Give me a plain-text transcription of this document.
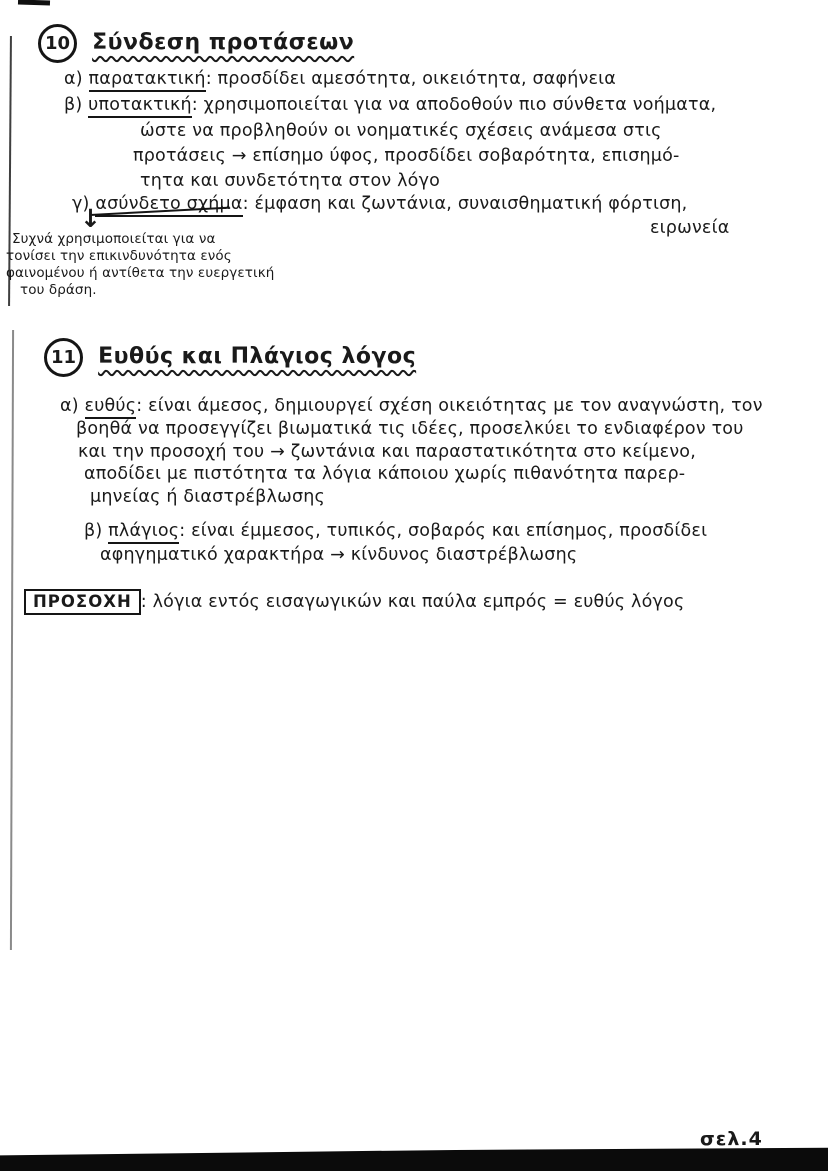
10 Σύνδεση προτάσεων
α) παρατακτική: προσδίδει αμεσότητα, οικειότητα, σαφήνεια
β) υποτακτική: χρησιμοποιείται για να αποδοθούν πιο σύνθετα νοήματα,
ώστε να προβληθούν οι νοηματικές σχέσεις ανάμεσα στις
προτάσεις → επίσημο ύφος, προσδίδει σοβαρότητα, επισημό-
τητα και συνδετότητα στον λόγο
γ) ασύνδετο σχήμα: έμφαση και ζωντάνια, συναισθηματική φόρτιση,
ειρωνεία
↓
Συχνά χρησιμοποιείται για να
τονίσει την επικινδυνότητα ενός
φαινομένου ή αντίθετα την ευεργετική
του δράση.
11 Ευθύς και Πλάγιος λόγος
α) ευθύς: είναι άμεσος, δημιουργεί σχέση οικειότητας με τον αναγνώστη, τον
βοηθά να προσεγγίζει βιωματικά τις ιδέες, προσελκύει το ενδιαφέρον του
και την προσοχή του → ζωντάνια και παραστατικότητα στο κείμενο,
αποδίδει με πιστότητα τα λόγια κάποιου χωρίς πιθανότητα παρερ-
μηνείας ή διαστρέβλωσης
β) πλάγιος: είναι έμμεσος, τυπικός, σοβαρός και επίσημος, προσδίδει
αφηγηματικό χαρακτήρα → κίνδυνος διαστρέβλωσης
ΠΡΟΣΟΧΗ : λόγια εντός εισαγωγικών και παύλα εμπρός = ευθύς λόγος
σελ.4
